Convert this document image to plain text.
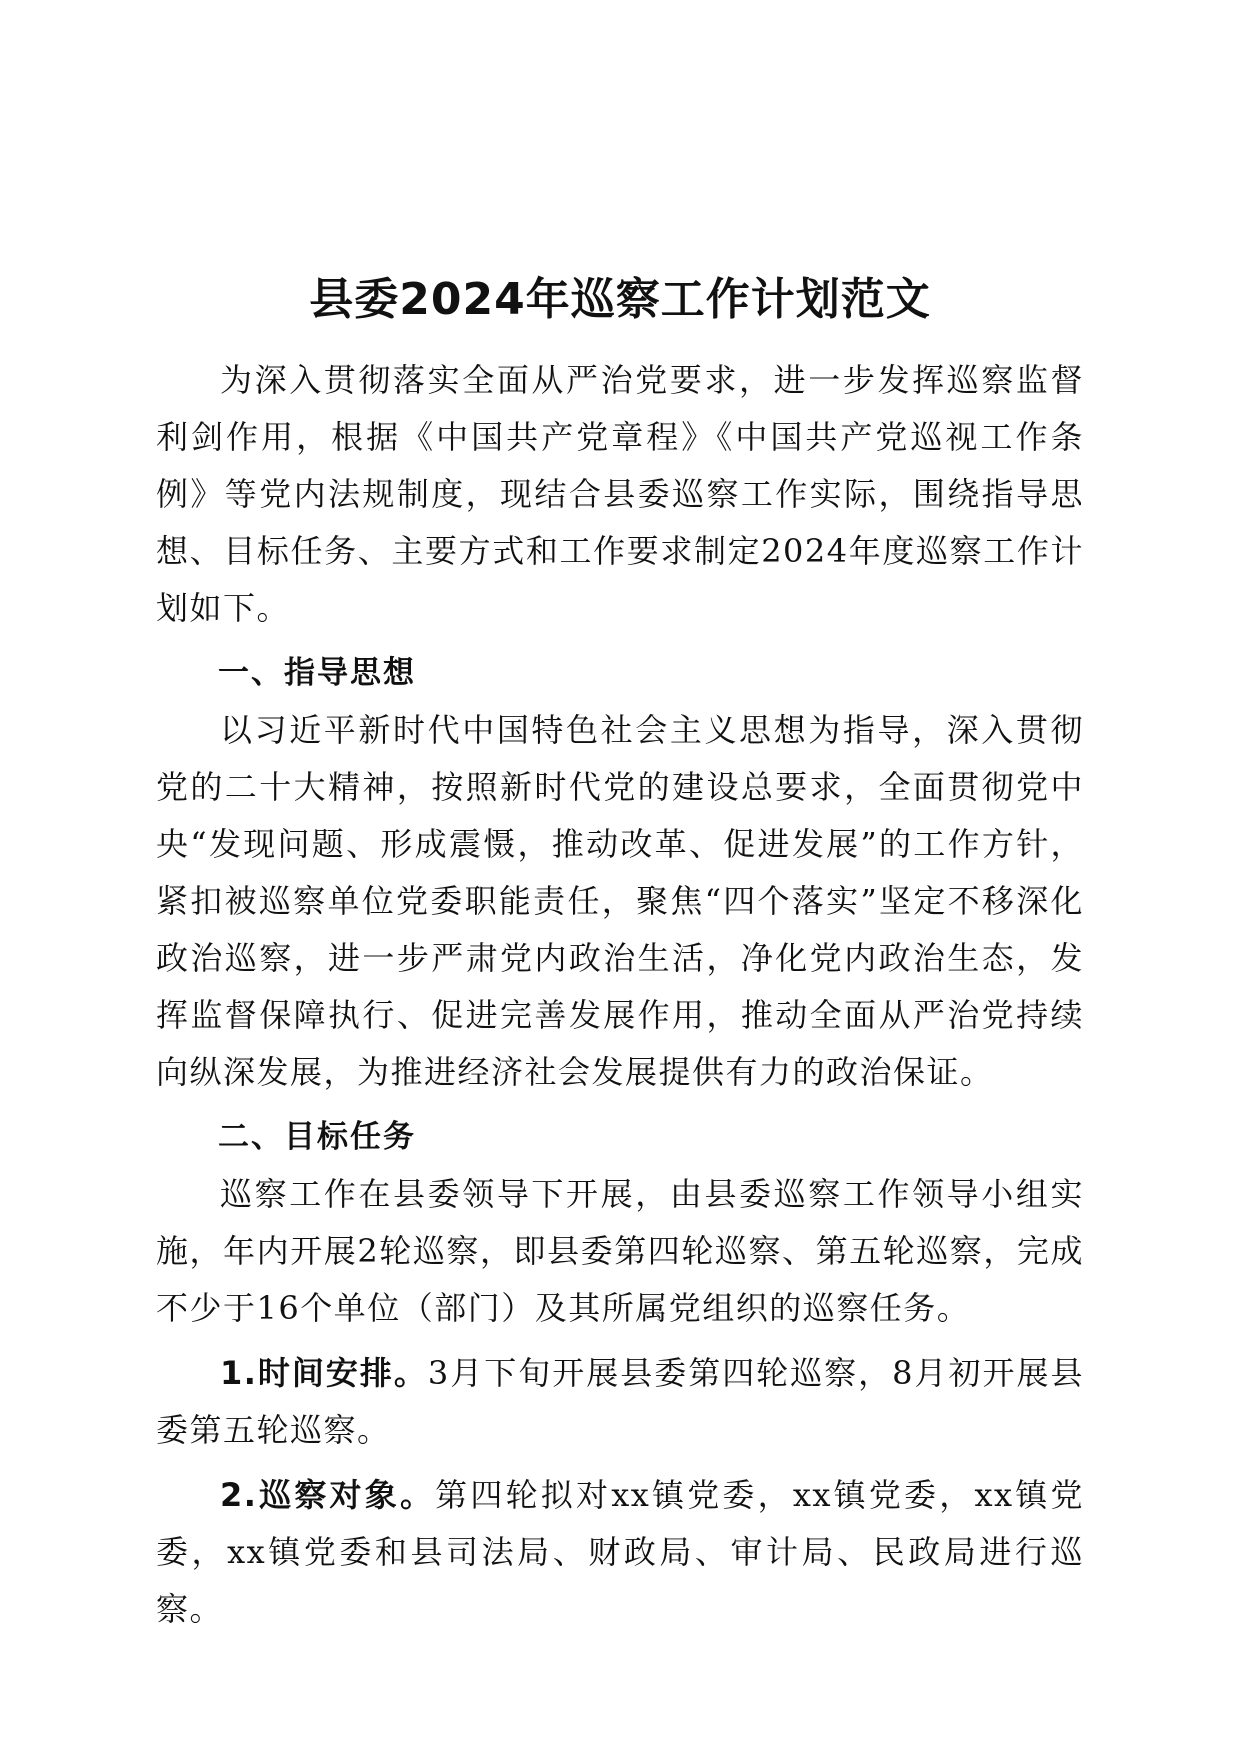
县委2024年巡察工作计划范文

为深入贯彻落实全面从严治党要求，进一步发挥巡察监督利剑作用，根据《中国共产党章程》《中国共产党巡视工作条例》等党内法规制度，现结合县委巡察工作实际，围绕指导思想、目标任务、主要方式和工作要求制定2024年度巡察工作计划如下。

一、指导思想

以习近平新时代中国特色社会主义思想为指导，深入贯彻党的二十大精神，按照新时代党的建设总要求，全面贯彻党中央“发现问题、形成震慑，推动改革、促进发展”的工作方针，紧扣被巡察单位党委职能责任，聚焦“四个落实”坚定不移深化政治巡察，进一步严肃党内政治生活，净化党内政治生态，发挥监督保障执行、促进完善发展作用，推动全面从严治党持续向纵深发展，为推进经济社会发展提供有力的政治保证。

二、目标任务

巡察工作在县委领导下开展，由县委巡察工作领导小组实施，年内开展2轮巡察，即县委第四轮巡察、第五轮巡察，完成不少于16个单位（部门）及其所属党组织的巡察任务。

1.时间安排。3月下旬开展县委第四轮巡察，8月初开展县委第五轮巡察。

2.巡察对象。第四轮拟对xx镇党委，xx镇党委，xx镇党委，xx镇党委和县司法局、财政局、审计局、民政局进行巡察。
